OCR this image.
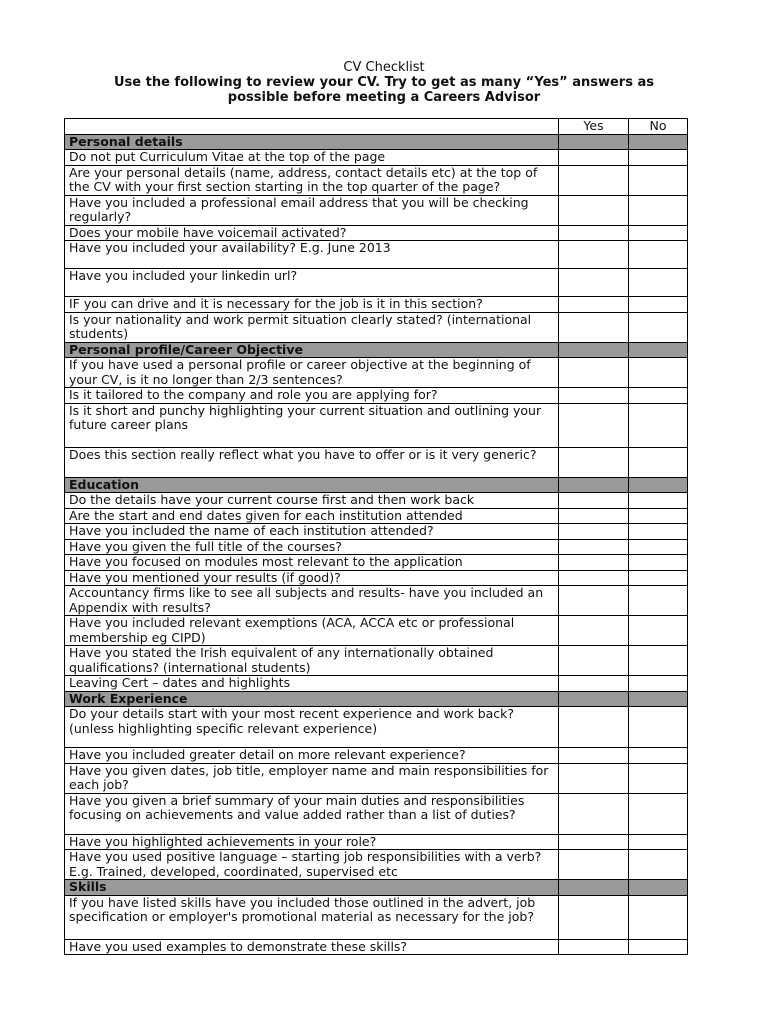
CV Checklist
Use the following to review your CV. Try to get as many “Yes” answers as
possible before meeting a Careers Advisor
	Yes	No
Personal details		
Do not put Curriculum Vitae at the top of the page		
Are your personal details (name, address, contact details etc) at the top of the CV with your first section starting in the top quarter of the page?		
Have you included a professional email address that you will be checking regularly?		
Does your mobile have voicemail activated?		
Have you included your availability? E.g. June 2013		
Have you included your linkedin url?		
IF you can drive and it is necessary for the job is it in this section?		
Is your nationality and work permit situation clearly stated? (international students)		
Personal profile/Career Objective		
If you have used a personal profile or career objective at the beginning of your CV, is it no longer than 2/3 sentences?		
Is it tailored to the company and role you are applying for?		
Is it short and punchy highlighting your current situation and outlining your
future career plans		
Does this section really reflect what you have to offer or is it very generic?		
Education		
Do the details have your current course first and then work back		
Are the start and end dates given for each institution attended		
Have you included the name of each institution attended?		
Have you given the full title of the courses?		
Have you focused on modules most relevant to the application		
Have you mentioned your results (if good)?		
Accountancy firms like to see all subjects and results- have you included an Appendix with results?		
Have you included relevant exemptions (ACA, ACCA etc or professional membership eg CIPD)		
Have you stated the Irish equivalent of any internationally obtained qualifications? (international students)		
Leaving Cert – dates and highlights		
Work Experience		
Do your details start with your most recent experience and work back? (unless highlighting specific relevant experience)		
Have you included greater detail on more relevant experience?		
Have you given dates, job title, employer name and main responsibilities for each job?		
Have you given a brief summary of your main duties and responsibilities focusing on achievements and value added rather than a list of duties?		
Have you highlighted achievements in your role?		
Have you used positive language – starting job responsibilities with a verb? E.g. Trained, developed, coordinated, supervised etc		
Skills		
If you have listed skills have you included those outlined in the advert, job specification or employer's promotional material as necessary for the job?		
Have you used examples to demonstrate these skills?		
